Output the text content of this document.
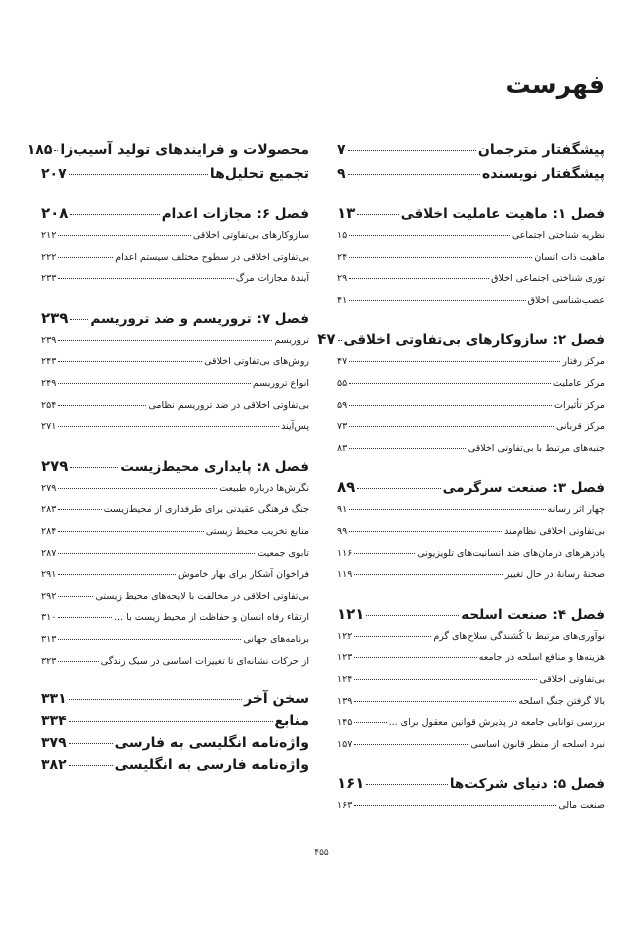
فهرست
پیشگفتار مترجمان
۷
پیشگفتار نویسنده
۹
فصل ۱: ماهیت عاملیت اخلاقی
۱۳
نظریه شناختی اجتماعی
۱۵
ماهیت ذات انسان
۲۴
توری شناختی اجتماعی اخلاق
۲۹
عصب‌شناسی اخلاق
۴۱
فصل ۲: سازوکارهای بی‌تفاوتی اخلاقی
۴۷
مرکز رفتار
۴۷
مرکز عاملیت
۵۵
مرکز تأثیرات
۵۹
مرکز قربانی
۷۳
جنبه‌های مرتبط با بی‌تفاوتی اخلاقی
۸۳
فصل ۳: صنعت سرگرمی
۸۹
چهار اثر رسانه
۹۱
بی‌تفاوتی اخلاقی نظام‌مند
۹۹
پادزهرهای درمان‌های ضد انسانیت‌های تلویزیونی
۱۱۶
صحنهٔ رسانهٔ در حال تغییر
۱۱۹
فصل ۴: صنعت اسلحه
۱۲۱
نوآوری‌های مرتبط با کُشندگی سلاح‌های گرم
۱۲۲
هزینه‌ها و منافع اسلحه در جامعه
۱۲۳
بی‌تفاوتی اخلاقی
۱۲۴
بالا گرفتن جنگ اسلحه
۱۳۹
بررسی توانایی جامعه در پذیرش قوانین معقول برای ...
۱۴۵
نبرد اسلحه از منظر قانون اساسی
۱۵۷
فصل ۵: دنیای شرکت‌ها
۱۶۱
صنعت مالی
۱۶۳
محصولات و فرایندهای تولید آسیب‌زا
۱۸۵
تجمیع تحلیل‌ها
۲۰۷
فصل ۶: مجازات اعدام
۲۰۸
سازوکارهای بی‌تفاوتی اخلاقی
۲۱۲
بی‌تفاوتی اخلاقی در سطوح مختلف سیستم اعدام
۲۲۲
آیندهٔ مجازات مرگ
۲۳۳
فصل ۷: تروریسم و ضد تروریسم
۲۳۹
تروریسم
۲۳۹
روش‌های بی‌تفاوتی اخلاقی
۲۴۳
انواع تروریسم
۲۴۹
بی‌تفاوتی اخلاقی در ضد تروریسم نظامی
۲۵۴
پس‌آیند
۲۷۱
فصل ۸: پایداری محیط‌زیست
۲۷۹
نگرش‌ها درباره طبیعت
۲۷۹
جنگ فرهنگی عقیدتی برای طرفداری از محیط‌زیست
۲۸۳
منابع تخریب محیط زیستی
۲۸۴
تابوی جمعیت
۲۸۷
فراخوان آشکار برای بهار خاموش
۲۹۱
بی‌تفاوتی اخلاقی در مخالفت با لایحه‌های محیط زیستی
۲۹۲
ارتقاء رفاه انسان و حفاظت از محیط زیست با ...
۳۱۰
برنامه‌های جهانی
۳۱۳
از حرکات نشانه‌ای تا تغییرات اساسی در سبک زندگی
۳۲۳
سخن آخر
۳۳۱
منابع
۳۳۴
واژه‌نامه انگلیسی به فارسی
۳۷۹
واژه‌نامه فارسی به انگلیسی
۳۸۲
۴۵۵
